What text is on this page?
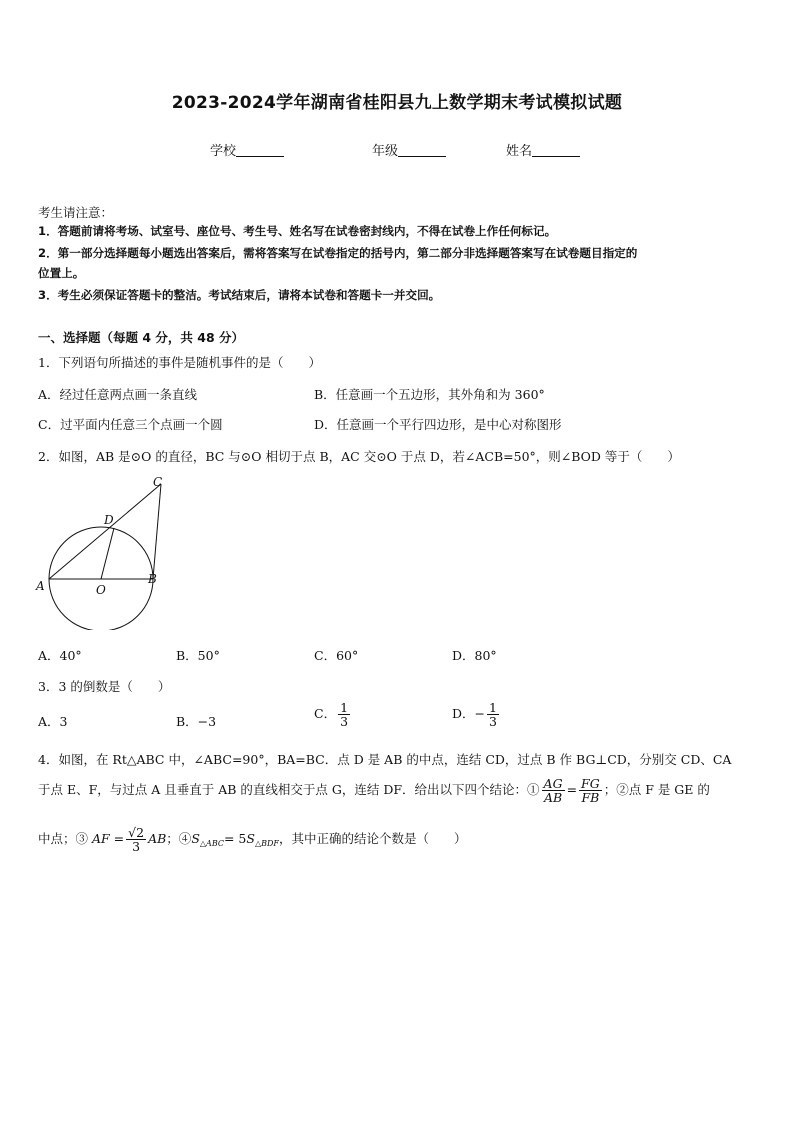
2023-2024学年湖南省桂阳县九上数学期末考试模拟试题
学校	年级	姓名
考生请注意：
1．答题前请将考场、试室号、座位号、考生号、姓名写在试卷密封线内，不得在试卷上作任何标记。
2．第一部分选择题每小题选出答案后，需将答案写在试卷指定的括号内，第二部分非选择题答案写在试卷题目指定的
位置上。
3．考生必须保证答题卡的整洁。考试结束后，请将本试卷和答题卡一并交回。
一、选择题（每题 4 分，共 48 分）
1．下列语句所描述的事件是随机事件的是（　　）
A．经过任意两点画一条直线	B．任意画一个五边形，其外角和为 360°
C．过平面内任意三个点画一个圆	D．任意画一个平行四边形，是中心对称图形
2．如图，AB 是⊙O 的直径，BC 与⊙O 相切于点 B，AC 交⊙O 于点 D，若∠ACB=50°，则∠BOD 等于（　　）
A	B
C
D
O
A．40°	B．50°	C．60°	D．80°
3．3 的倒数是（　　）
A．3	B．−3
C． $\frac{1}{3}$	D．− $\frac{1}{3}$
4．如图，在 Rt△ABC 中，∠ABC=90°，BA=BC．点 D 是 AB 的中点，连结 CD，过点 B 作 BG⊥CD，分别交 CD、CA
于点 E、F，与过点 A 且垂直于 AB 的直线相交于点 G，连结 DF．给出以下四个结论：① $\frac{AG}{AB} = \frac{FG}{FB}$ ；②点 F 是 GE 的
中点；③ AF = $\frac{√2}{3}$ AB；$④S_{\triangle ABC}= 5S_{\triangle BDF}$，其中正确的结论个数是（　　）
